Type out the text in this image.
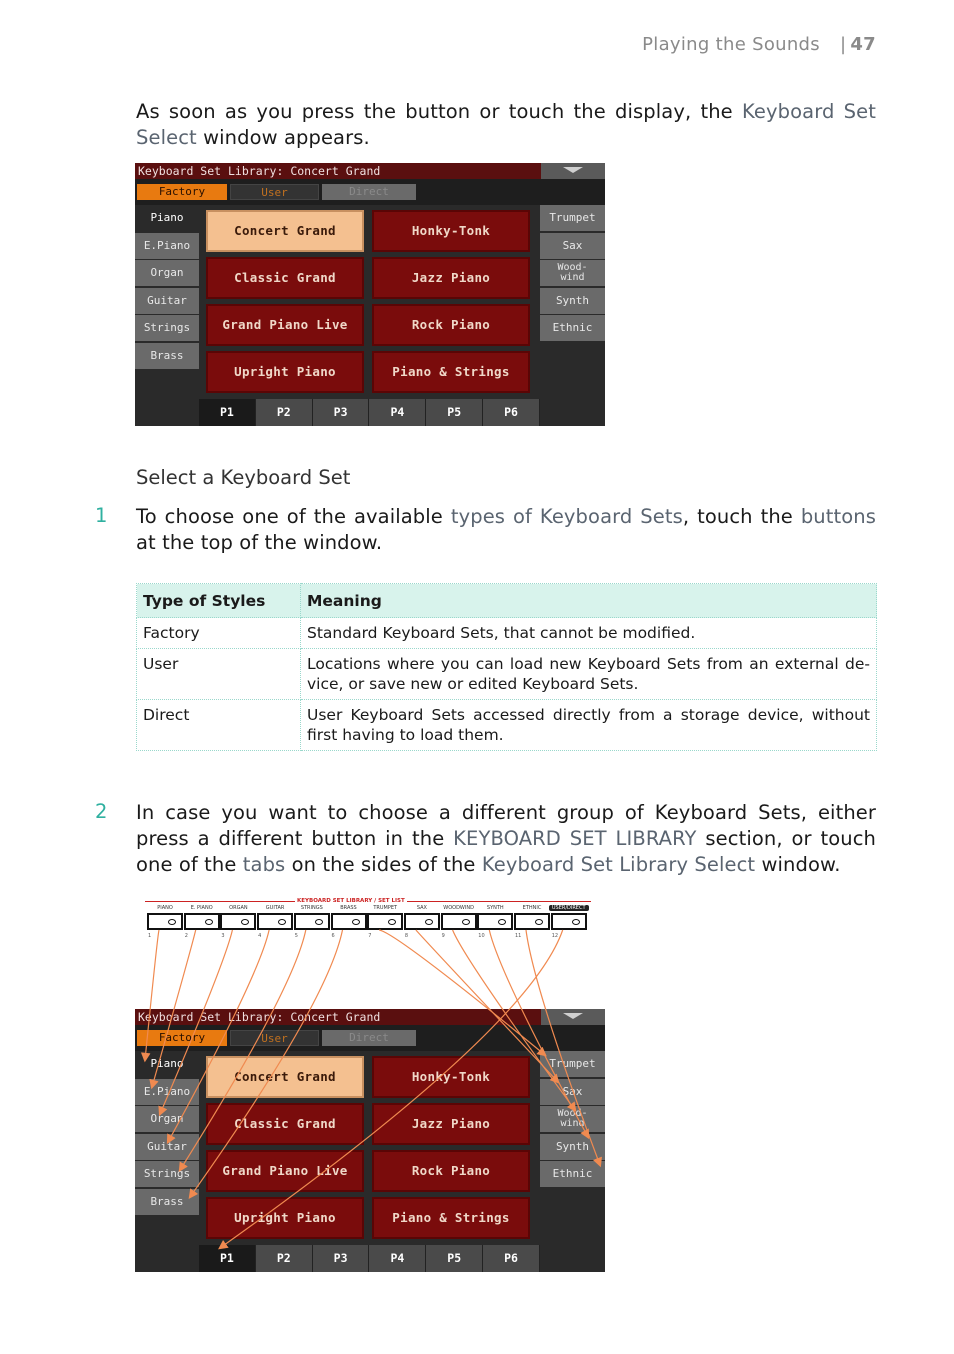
Playing the Sounds | 47

As soon as you press the button or touch the display, the Keyboard Set Select window appears.

Keyboard Set Library: Concert Grand
Factory	User	Direct
Piano
E.Piano
Organ
Guitar
Strings
Brass
Trumpet
Sax
Wood-
wind
Synth
Ethnic
Concert Grand	Honky-Tonk
Classic Grand	Jazz Piano
Grand Piano Live	Rock Piano
Upright Piano	Piano & Strings
P1	P2	P3	P4	P5	P6
Select a Keyboard Set
1 To choose one of the available types of Keyboard Sets, touch the buttons at the top of the window.

Type of Styles	Meaning
Factory	Standard Keyboard Sets, that cannot be modified.
User	Locations where you can load new Keyboard Sets from an external de-vice, or save new or edited Keyboard Sets.
Direct	User Keyboard Sets accessed directly from a storage device, without first having to load them.
2 In case you want to choose a different group of Keyboard Sets, either press a different button in the KEYBOARD SET LIBRARY section, or touch one of the tabs on the sides of the Keyboard Set Library Select window.

KEYBOARD SET LIBRARY / SET LIST
PIANO
1
E. PIANO
2
ORGAN
3
GUITAR
4
STRINGS
5
BRASS
6
TRUMPET
7
SAX
8
WOODWIND
9
SYNTH
10
ETHNIC
11
USER/DIRECT
12
Keyboard Set Library: Concert Grand
Factory	User	Direct
Piano
E.Piano
Organ
Guitar
Strings
Brass
Trumpet
Sax
Wood-
wind
Synth
Ethnic
Concert Grand	Honky-Tonk
Classic Grand	Jazz Piano
Grand Piano Live	Rock Piano
Upright Piano	Piano & Strings
P1	P2	P3	P4	P5	P6
